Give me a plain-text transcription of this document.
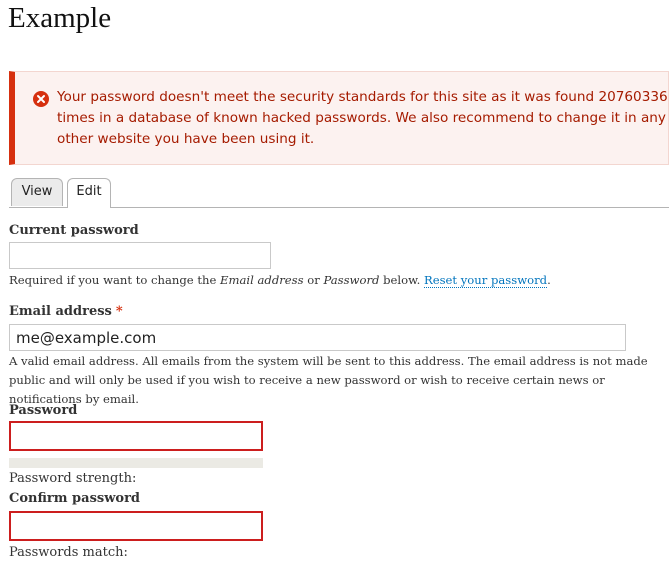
Example
Your password doesn't meet the security standards for this site as it was found 20760336 times in a database of known hacked passwords. We also recommend to change it in any other website you have been using it.
View	Edit
Current password
Required if you want to change the Email address or Password below. Reset your password.
Email address *
me@example.com
A valid email address. All emails from the system will be sent to this address. The email address is not made public and will only be used if you wish to receive a new password or wish to receive certain news or notifications by email.
Password
Password strength:
Confirm password
Passwords match:
